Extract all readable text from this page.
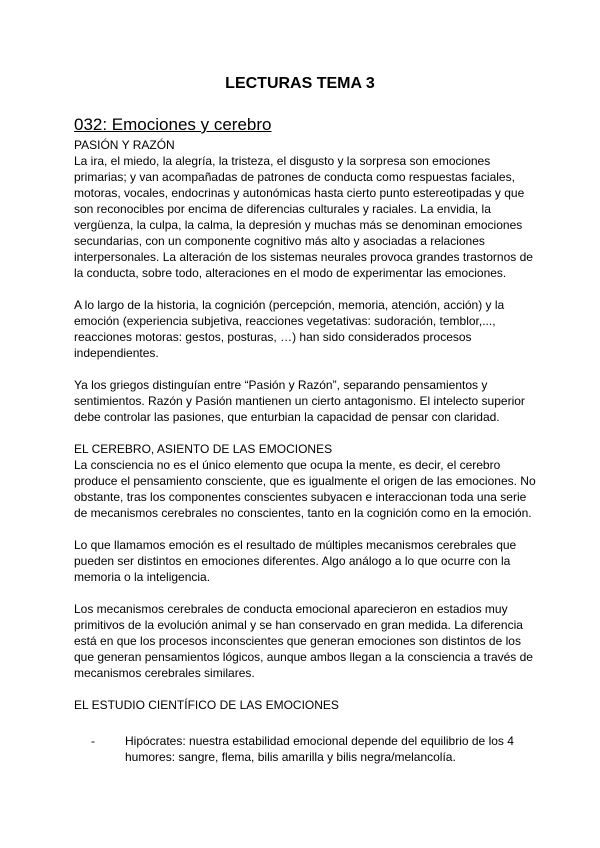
LECTURAS TEMA 3
032: Emociones y cerebro

PASIÓN Y RAZÓN

La ira, el miedo, la alegría, la tristeza, el disgusto y la sorpresa son emociones primarias; y van acompañadas de patrones de conducta como respuestas faciales, motoras, vocales, endocrinas y autonómicas hasta cierto punto estereotipadas y que son reconocibles por encima de diferencias culturales y raciales. La envidia, la vergüenza, la culpa, la calma, la depresión y muchas más se denominan emociones secundarias, con un componente cognitivo más alto y asociadas a relaciones interpersonales. La alteración de los sistemas neurales provoca grandes trastornos de la conducta, sobre todo, alteraciones en el modo de experimentar las emociones.

A lo largo de la historia, la cognición (percepción, memoria, atención, acción) y la emoción (experiencia subjetiva, reacciones vegetativas: sudoración, temblor,..., reacciones motoras: gestos, posturas, …) han sido considerados procesos independientes.

Ya los griegos distinguían entre “Pasión y Razón”, separando pensamientos y sentimientos. Razón y Pasión mantienen un cierto antagonismo. El intelecto superior debe controlar las pasiones, que enturbian la capacidad de pensar con claridad.

EL CEREBRO, ASIENTO DE LAS EMOCIONES

La consciencia no es el único elemento que ocupa la mente, es decir, el cerebro produce el pensamiento consciente, que es igualmente el origen de las emociones. No obstante, tras los componentes conscientes subyacen e interaccionan toda una serie de mecanismos cerebrales no conscientes, tanto en la cognición como en la emoción.

Lo que llamamos emoción es el resultado de múltiples mecanismos cerebrales que pueden ser distintos en emociones diferentes. Algo análogo a lo que ocurre con la memoria o la inteligencia.

Los mecanismos cerebrales de conducta emocional aparecieron en estadios muy primitivos de la evolución animal y se han conservado en gran medida. La diferencia está en que los procesos inconscientes que generan emociones son distintos de los que generan pensamientos lógicos, aunque ambos llegan a la consciencia a través de mecanismos cerebrales similares.

EL ESTUDIO CIENTÍFICO DE LAS EMOCIONES

-	Hipócrates: nuestra estabilidad emocional depende del equilibrio de los 4 humores: sangre, flema, bilis amarilla y bilis negra/melancolía.
